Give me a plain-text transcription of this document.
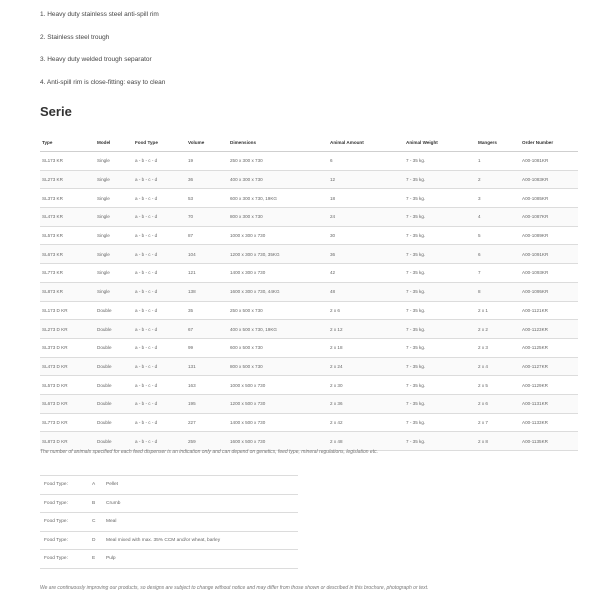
1. Heavy duty stainless steel anti-spill rim
2. Stainless steel trough
3. Heavy duty welded trough separator
4. Anti-spill rim is close-fitting: easy to clean
Serie
Type	Model	Food Type	Volume	Dimensions	Animal Amount	Animal Weight	Mangers	Order Number
SL173 KR	Single	a - b - c - d	19	250 x 300 x 730	6	7 - 35 kg.	1	A00-1081KR
SL273 KR	Single	a - b - c - d	36	400 x 300 x 730	12	7 - 35 kg.	2	A00-1083KR
SL373 KR	Single	a - b - c - d	53	600 x 300 x 730, 19KG	18	7 - 35 kg.	3	A00-1085KR
SL473 KR	Single	a - b - c - d	70	800 x 300 x 730	24	7 - 35 kg.	4	A00-1087KR
SL573 KR	Single	a - b - c - d	87	1000 x 300 x 730	30	7 - 35 kg.	5	A00-1089KR
SL673 KR	Single	a - b - c - d	104	1200 x 300 x 730, 35KG	36	7 - 35 kg.	6	A00-1091KR
SL773 KR	Single	a - b - c - d	121	1400 x 300 x 730	42	7 - 35 kg.	7	A00-1093KR
SL873 KR	Single	a - b - c - d	138	1600 x 300 x 730, 44KG	48	7 - 35 kg.	8	A00-1095KR
SL173 D KR	Double	a - b - c - d	35	250 x 500 x 730	2 x 6	7 - 35 kg.	2 x 1	A00-1121KR
SL273 D KR	Double	a - b - c - d	67	400 x 500 x 730, 19KG	2 x 12	7 - 35 kg.	2 x 2	A00-1123KR
SL373 D KR	Double	a - b - c - d	99	600 x 500 x 730	2 x 18	7 - 35 kg.	2 x 3	A00-1125KR
SL473 D KR	Double	a - b - c - d	131	800 x 500 x 730	2 x 24	7 - 35 kg.	2 x 4	A00-1127KR
SL573 D KR	Double	a - b - c - d	163	1000 x 500 x 730	2 x 30	7 - 35 kg.	2 x 5	A00-1129KR
SL673 D KR	Double	a - b - c - d	195	1200 x 500 x 730	2 x 36	7 - 35 kg.	2 x 6	A00-1131KR
SL773 D KR	Double	a - b - c - d	227	1400 x 500 x 730	2 x 42	7 - 35 kg.	2 x 7	A00-1133KR
SL873 D KR	Double	a - b - c - d	259	1600 x 500 x 730	2 x 48	7 - 35 kg.	2 x 8	A00-1135KR
The number of animals specified for each feed dispenser is an indication only and can depend on genetics, feed type, mineral regulations, legislation etc.
Food Type:	A	Pellet
Food Type:	B	Crumb
Food Type:	C	Meal
Food Type:	D	Meal mixed with max. 35% CCM and/or wheat, barley
Food Type:	E	Pulp
We are continuously improving our products, so designs are subject to change without notice and may differ from those shown or described in this brochure, photograph or text.
